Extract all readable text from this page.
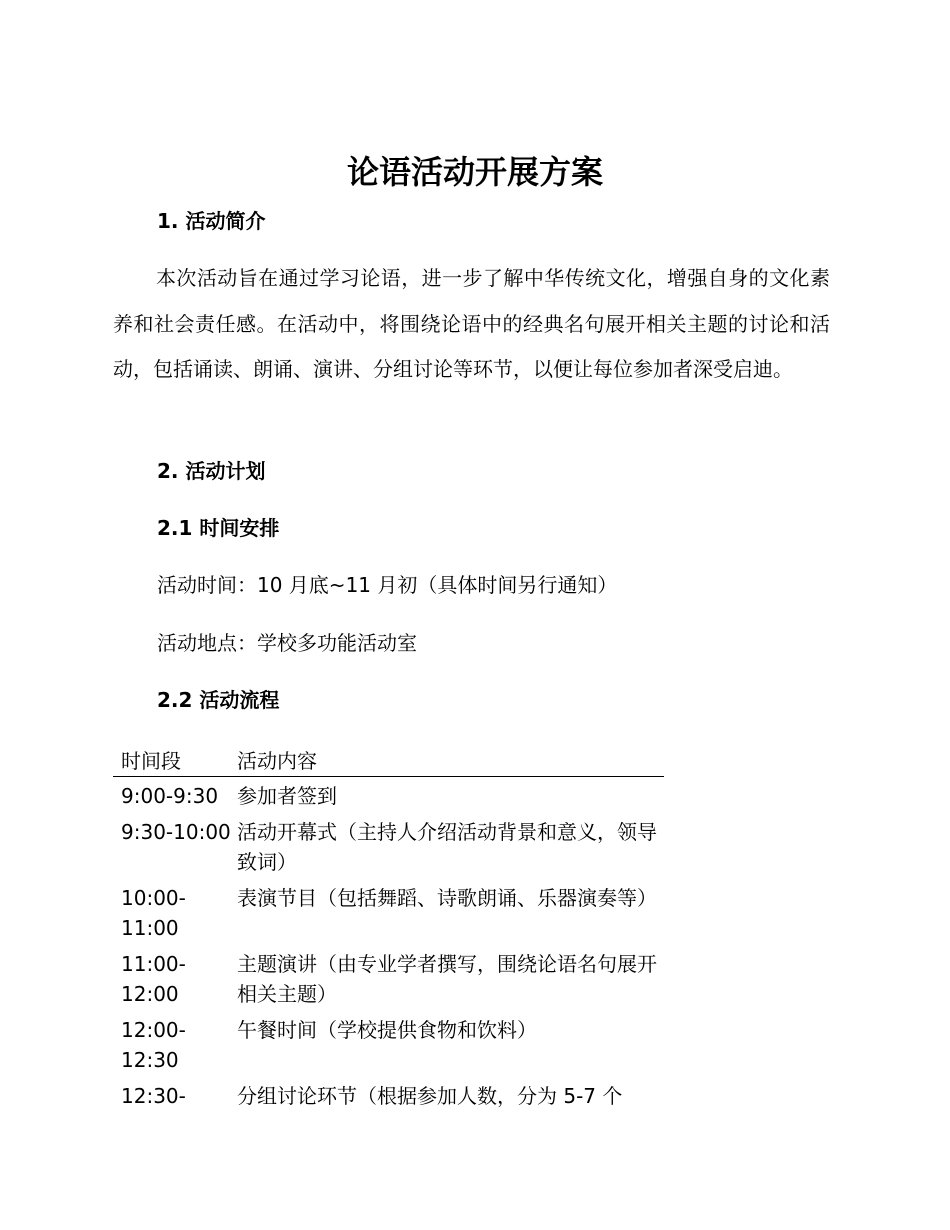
论语活动开展方案
1. 活动简介

本次活动旨在通过学习论语，进一步了解中华传统文化，增强自身的文化素养和社会责任感。在活动中，将围绕论语中的经典名句展开相关主题的讨论和活动，包括诵读、朗诵、演讲、分组讨论等环节，以便让每位参加者深受启迪。

2. 活动计划
2.1 时间安排

活动时间：10 月底~11 月初（具体时间另行通知）

活动地点：学校多功能活动室

2.2 活动流程
时间段	活动内容
9:00-9:30	参加者签到
9:30-10:00	活动开幕式（主持人介绍活动背景和意义，领导致词）
10:00-11:00	表演节目（包括舞蹈、诗歌朗诵、乐器演奏等）
11:00-12:00	主题演讲（由专业学者撰写，围绕论语名句展开相关主题）
12:00-12:30	午餐时间（学校提供食物和饮料）
12:30-	分组讨论环节（根据参加人数，分为 5-7 个
